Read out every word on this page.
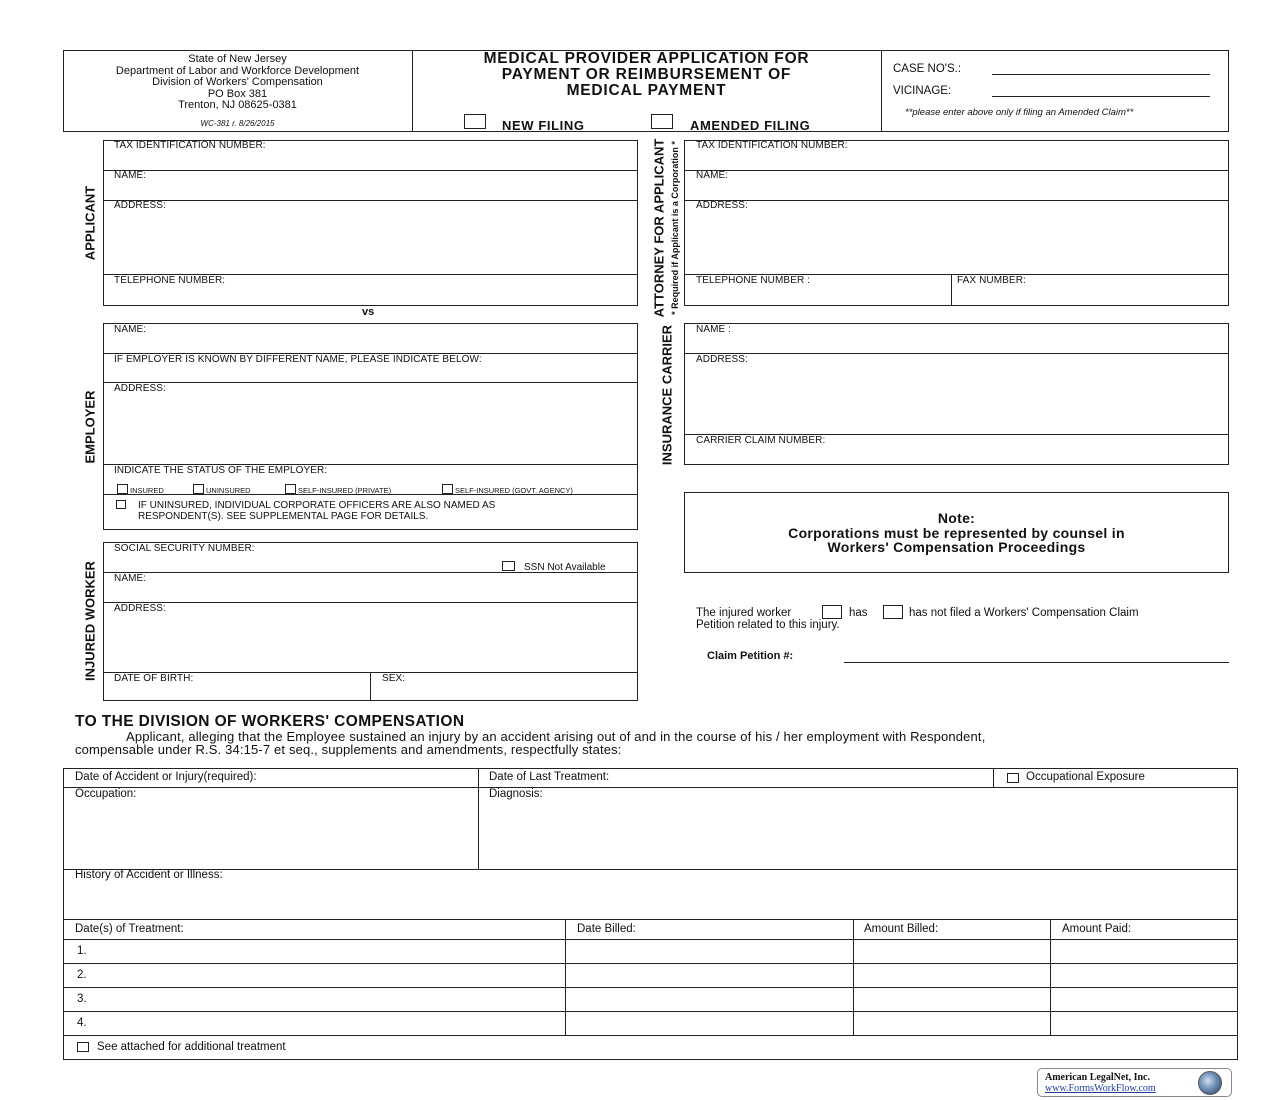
State of New Jersey
Department of Labor and Workforce Development
Division of Workers' Compensation
PO Box 381
Trenton, NJ 08625-0381
WC-381 r. 8/26/2015
MEDICAL PROVIDER APPLICATION FOR
PAYMENT OR REIMBURSEMENT OF
MEDICAL PAYMENT
NEW FILING	AMENDED FILING
CASE NO'S.:
VICINAGE:
**please enter above only if filing an Amended Claim**
APPLICANT
TAX IDENTIFICATION NUMBER:
NAME:
ADDRESS:
TELEPHONE NUMBER:
vs	ATTORNEY FOR APPLICANT * Required if Applicant is a Corporation * TAX IDENTIFICATION NUMBER:
NAME:
ADDRESS:
TELEPHONE NUMBER :	FAX NUMBER:
EMPLOYER
NAME:
IF EMPLOYER IS KNOWN BY DIFFERENT NAME, PLEASE INDICATE BELOW:
ADDRESS:
INDICATE THE STATUS OF THE EMPLOYER:
INSURED	UNINSURED	SELF-INSURED (PRIVATE)	SELF-INSURED (GOVT. AGENCY)
IF UNINSURED, INDIVIDUAL CORPORATE OFFICERS ARE ALSO NAMED AS
RESPONDENT(S). SEE SUPPLEMENTAL PAGE FOR DETAILS.
INSURANCE CARRIER NAME :
ADDRESS:
CARRIER CLAIM NUMBER:
Note:
Corporations must be represented by counsel in
Workers' Compensation Proceedings
INJURED WORKER
SOCIAL SECURITY NUMBER:
SSN Not Available
NAME:
ADDRESS:
DATE OF BIRTH:	SEX:
The injured worker	has	has not filed a Workers' Compensation Claim
Petition related to this injury.
Claim Petition #:
TO THE DIVISION OF WORKERS' COMPENSATION
Applicant, alleging that the Employee sustained an injury by an accident arising out of and in the course of his / her employment with Respondent,
compensable under R.S. 34:15-7 et seq., supplements and amendments, respectfully states:
Date of Accident or Injury(required):	Date of Last Treatment:	Occupational Exposure
Occupation:	Diagnosis:
History of Accident or Illness:
Date(s) of Treatment:	Date Billed:	Amount Billed:	Amount Paid:
1.
2.
3.
4.
See attached for additional treatment
American LegalNet, Inc.
www.FormsWorkFlow.com
